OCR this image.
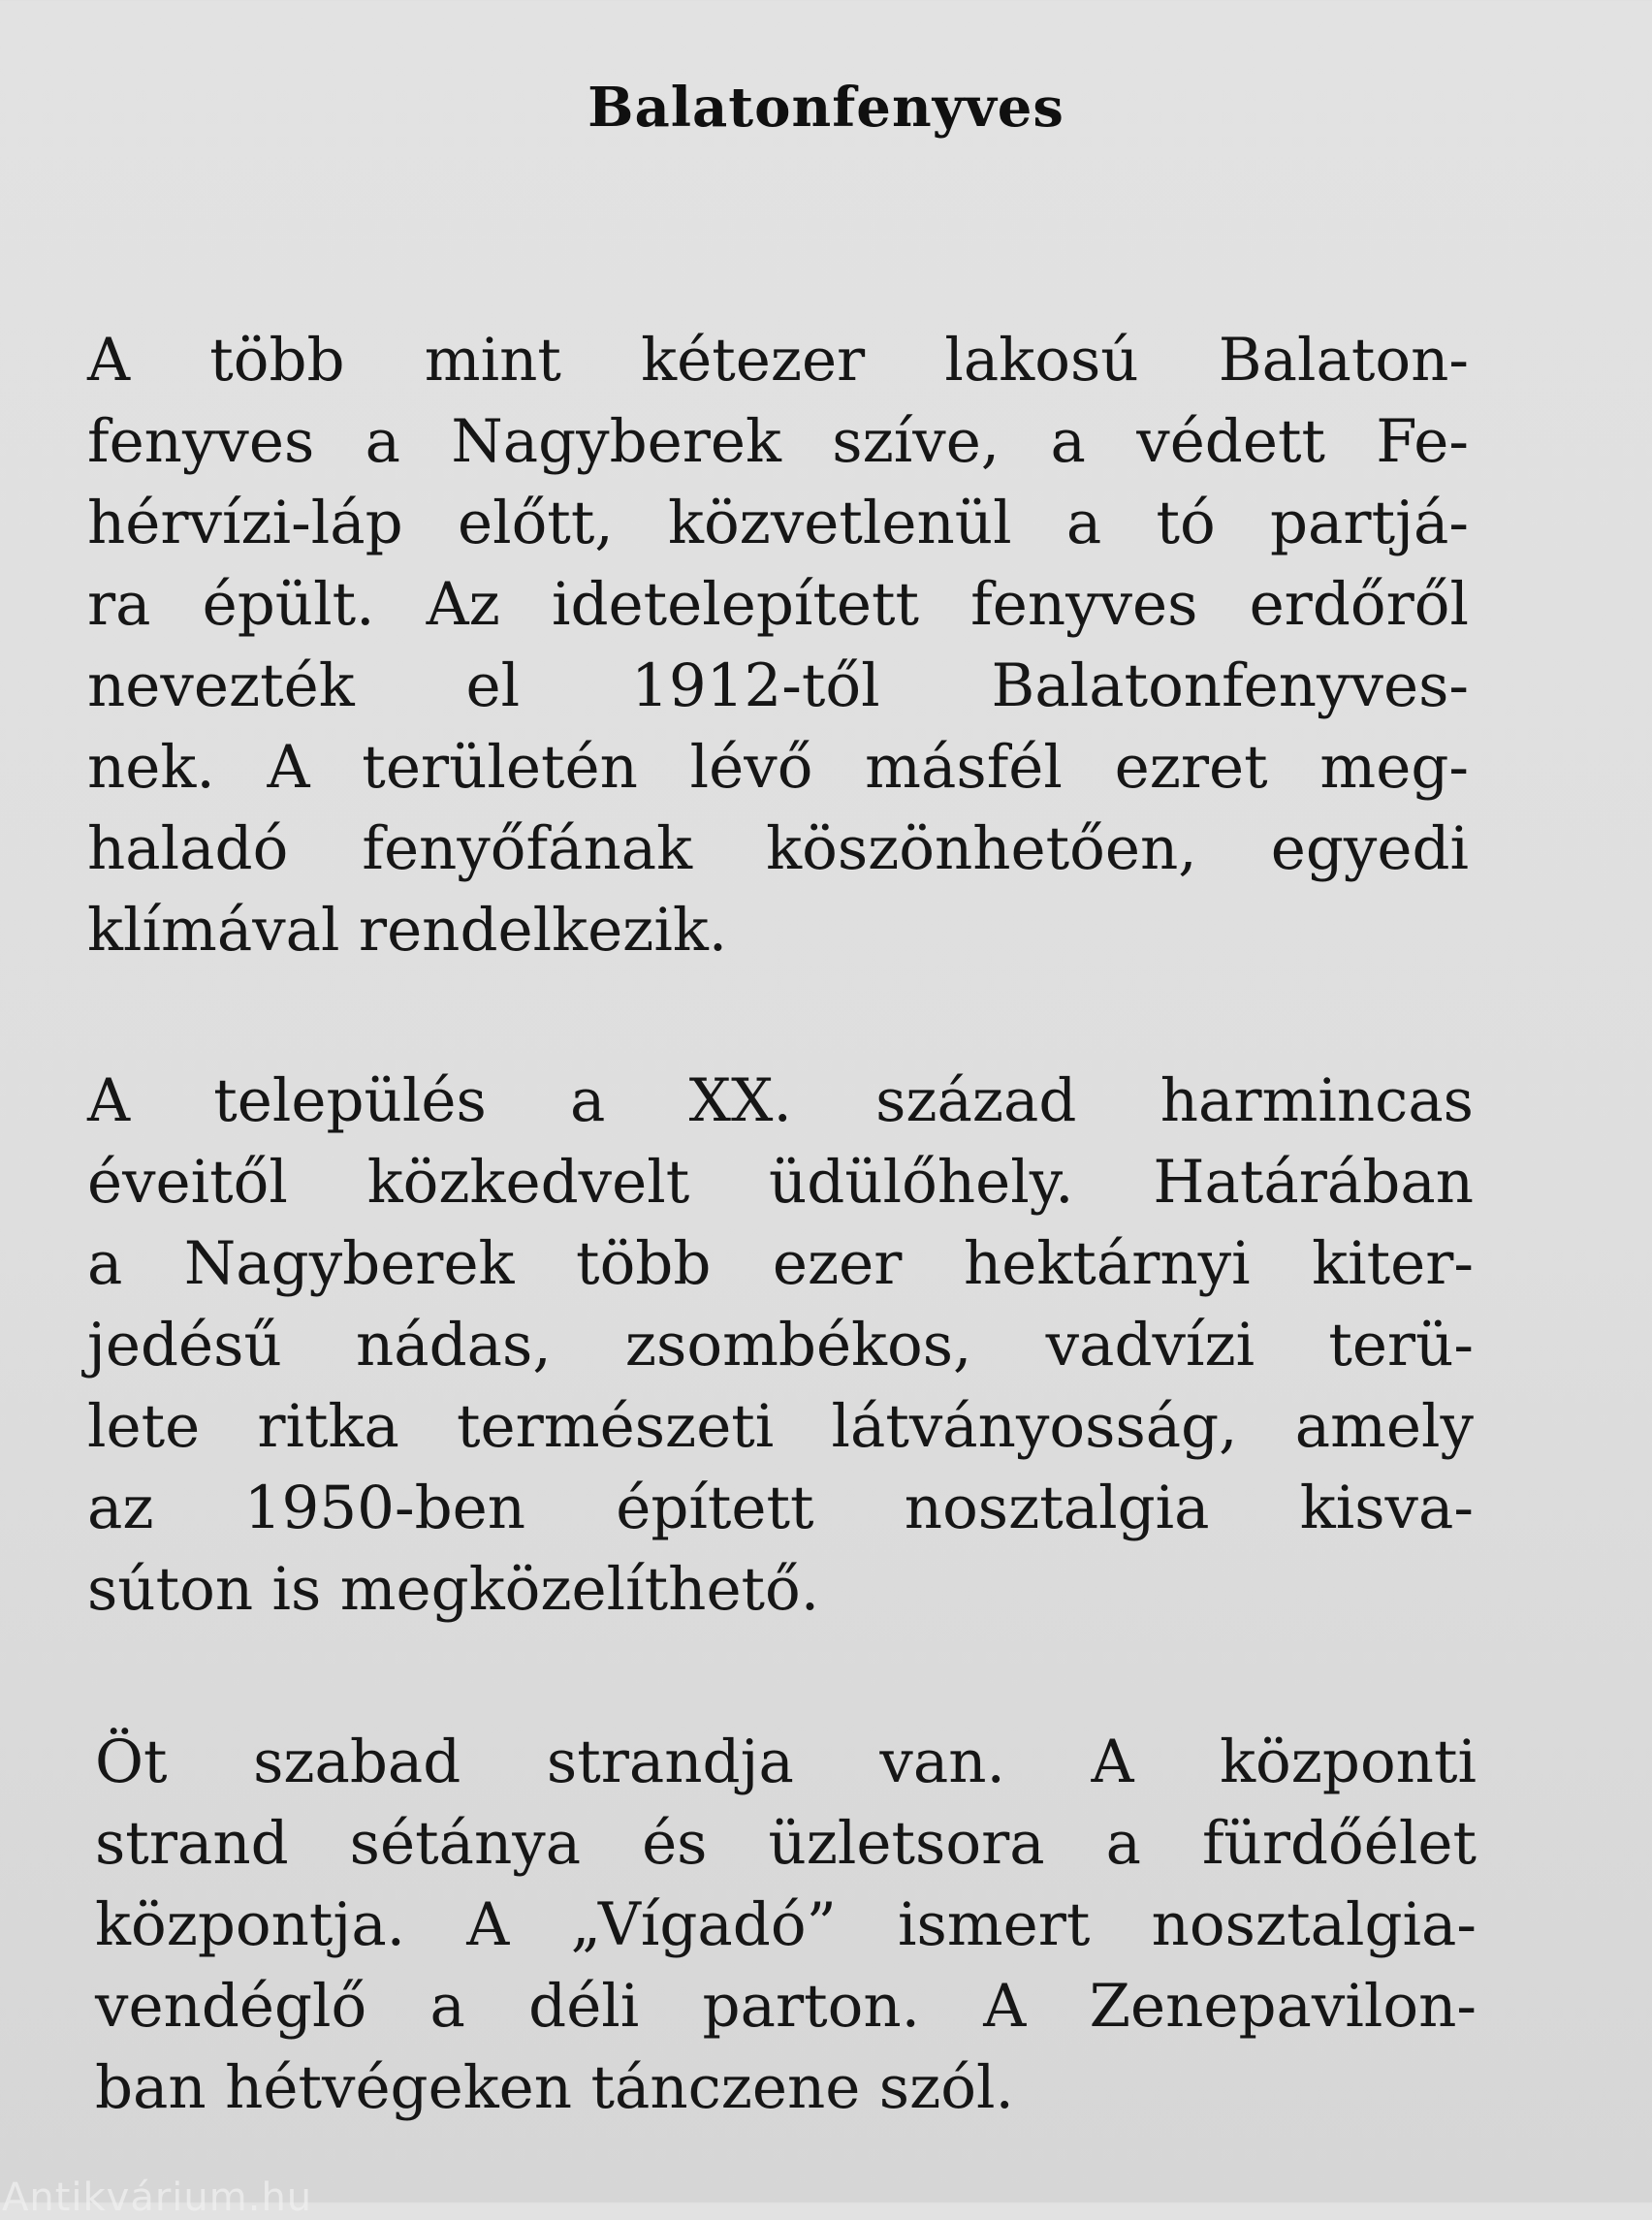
Balatonfenyves
A több mint kétezer lakosú Balaton-
fenyves a Nagyberek szíve, a védett Fe-
hérvízi-láp előtt, közvetlenül a tó partjá-
ra épült. Az idetelepített fenyves erdőről
nevezték el 1912-től Balatonfenyves-
nek. A területén lévő másfél ezret meg-
haladó fenyőfának köszönhetően, egyedi
klímával rendelkezik.
A település a XX. század harmincas
éveitől közkedvelt üdülőhely. Határában
a Nagyberek több ezer hektárnyi kiter-
jedésű nádas, zsombékos, vadvízi terü-
lete ritka természeti látványosság, amely
az 1950-ben épített nosztalgia kisva-
súton is megközelíthető.
Öt szabad strandja van. A központi
strand sétánya és üzletsora a fürdőélet
központja. A „Vígadó” ismert nosztalgia-
vendéglő a déli parton. A Zenepavilon-
ban hétvégeken tánczene szól.
Antikvárium.hu
